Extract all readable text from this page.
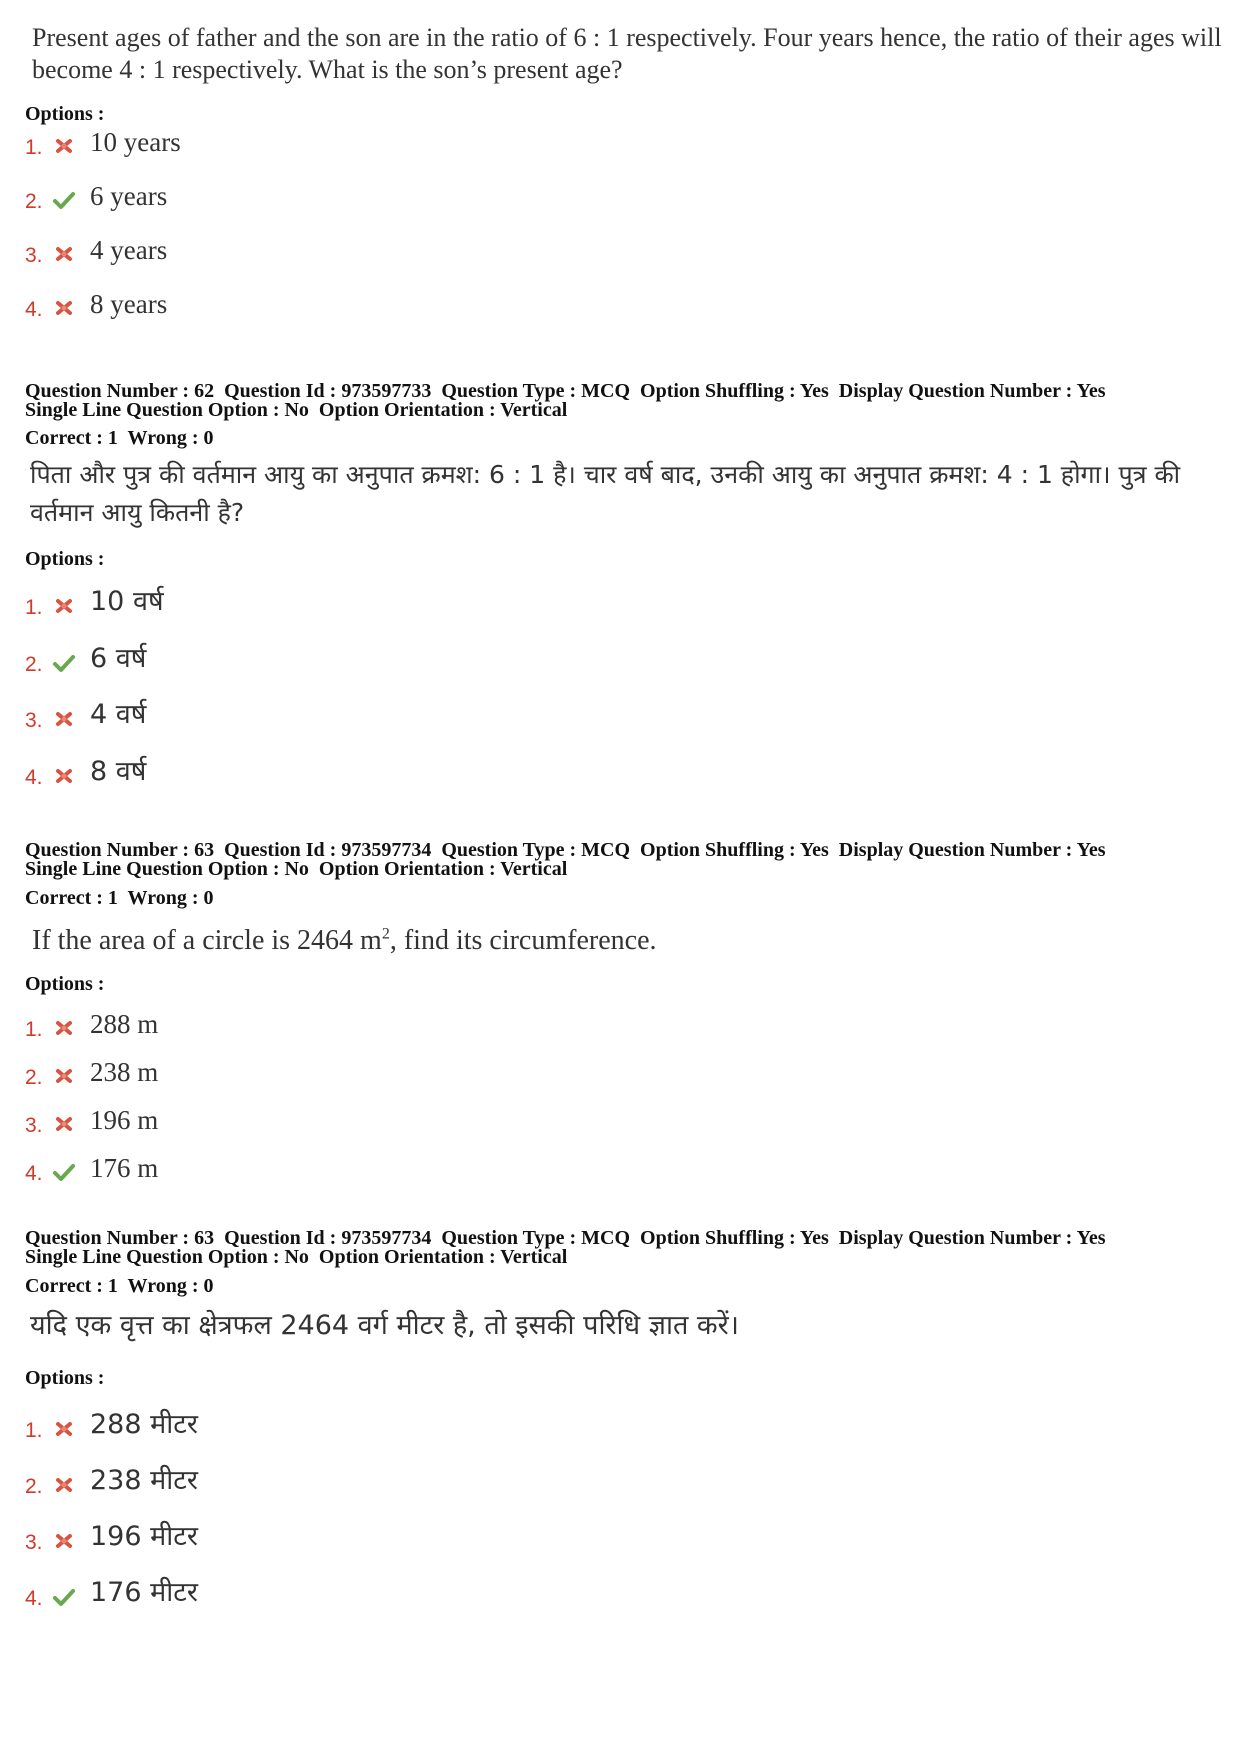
Present ages of father and the son are in the ratio of 6 : 1 respectively. Four years hence, the ratio of their ages will become 4 : 1 respectively. What is the son’s present age?
Options :
1. 10 years
2. 6 years
3. 4 years
4. 8 years
Question Number : 62  Question Id : 973597733  Question Type : MCQ  Option Shuffling : Yes  Display Question Number : Yes
Single Line Question Option : No  Option Orientation : Vertical
Correct : 1  Wrong : 0
पिता और पुत्र की वर्तमान आयु का अनुपात क्रमश: 6 : 1 है। चार वर्ष बाद, उनकी आयु का अनुपात क्रमश: 4 : 1 होगा। पुत्र की वर्तमान आयु कितनी है?
Options :
1. 10 वर्ष
2. 6 वर्ष
3. 4 वर्ष
4. 8 वर्ष
Question Number : 63  Question Id : 973597734  Question Type : MCQ  Option Shuffling : Yes  Display Question Number : Yes
Single Line Question Option : No  Option Orientation : Vertical
Correct : 1  Wrong : 0
If the area of a circle is 2464 $m^2$, find its circumference.
Options :
1. 288 m
2. 238 m
3. 196 m
4. 176 m
Question Number : 63  Question Id : 973597734  Question Type : MCQ  Option Shuffling : Yes  Display Question Number : Yes
Single Line Question Option : No  Option Orientation : Vertical
Correct : 1  Wrong : 0
यदि एक वृत्त का क्षेत्रफल 2464 वर्ग मीटर है, तो इसकी परिधि ज्ञात करें।
Options :
1. 288 मीटर
2. 238 मीटर
3. 196 मीटर
4. 176 मीटर
